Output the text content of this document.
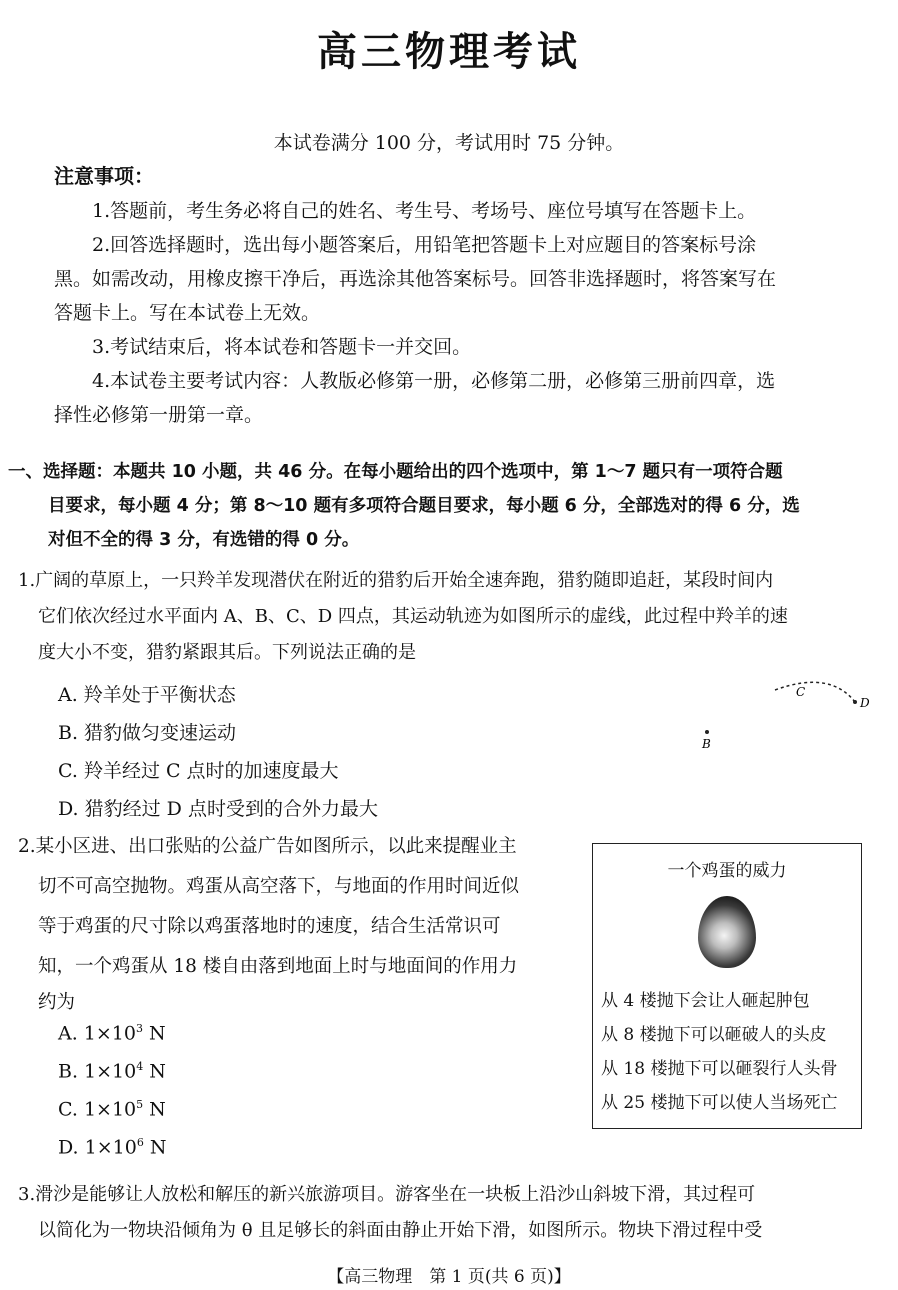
高三物理考试
本试卷满分 100 分，考试用时 75 分钟。
注意事项：
1.答题前，考生务必将自己的姓名、考生号、考场号、座位号填写在答题卡上。
2.回答选择题时，选出每小题答案后，用铅笔把答题卡上对应题目的答案标号涂
黑。如需改动，用橡皮擦干净后，再选涂其他答案标号。回答非选择题时，将答案写在
答题卡上。写在本试卷上无效。
3.考试结束后，将本试卷和答题卡一并交回。
4.本试卷主要考试内容：人教版必修第一册，必修第二册，必修第三册前四章，选
择性必修第一册第一章。
一、选择题：本题共 10 小题，共 46 分。在每小题给出的四个选项中，第 1～7 题只有一项符合题
目要求，每小题 4 分；第 8～10 题有多项符合题目要求，每小题 6 分，全部选对的得 6 分，选
对但不全的得 3 分，有选错的得 0 分。
1.广阔的草原上，一只羚羊发现潜伏在附近的猎豹后开始全速奔跑，猎豹随即追赶，某段时间内
它们依次经过水平面内 A、B、C、D 四点，其运动轨迹为如图所示的虚线，此过程中羚羊的速
度大小不变，猎豹紧跟其后。下列说法正确的是
A. 羚羊处于平衡状态
B. 猎豹做匀变速运动
C. 羚羊经过 C 点时的加速度最大
D. 猎豹经过 D 点时受到的合外力最大
B
C
D
2.某小区进、出口张贴的公益广告如图所示，以此来提醒业主
切不可高空抛物。鸡蛋从高空落下，与地面的作用时间近似
等于鸡蛋的尺寸除以鸡蛋落地时的速度，结合生活常识可
知，一个鸡蛋从 18 楼自由落到地面上时与地面间的作用力
约为
A. $1\times 10^3$ N
B. $1\times 10^4$ N
C. $1\times 10^5$ N
D. $1\times 10^6$ N
一个鸡蛋的威力
从 4 楼抛下会让人砸起肿包
从 8 楼抛下可以砸破人的头皮
从 18 楼抛下可以砸裂行人头骨
从 25 楼抛下可以使人当场死亡
3.滑沙是能够让人放松和解压的新兴旅游项目。游客坐在一块板上沿沙山斜坡下滑，其过程可
以简化为一物块沿倾角为 θ 且足够长的斜面由静止开始下滑，如图所示。物块下滑过程中受
【高三物理　第 1 页(共 6 页)】
